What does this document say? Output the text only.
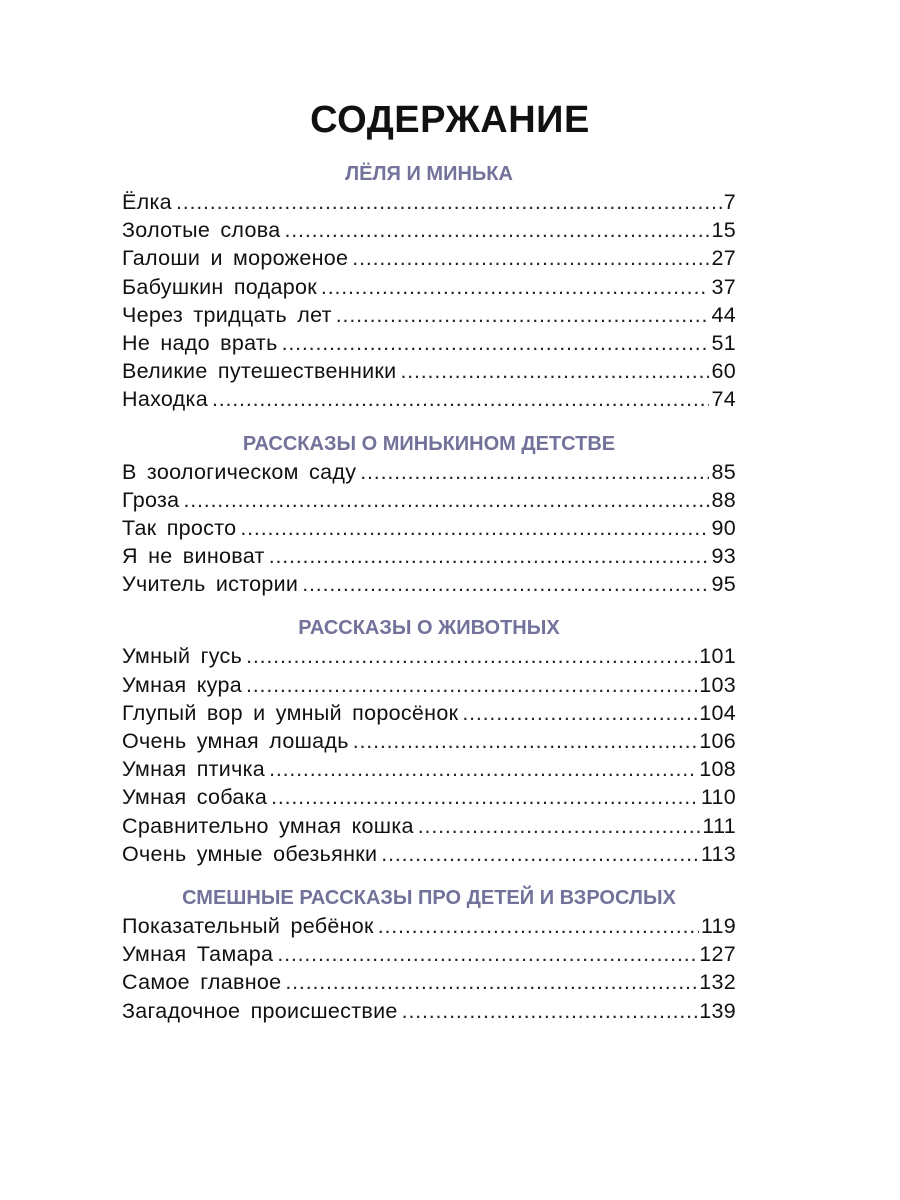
СОДЕРЖАНИЕ
ЛЁЛЯ И МИНЬКА
Ёлка .....	7
Золотые слова .....	15
Галоши и мороженое .....	27
Бабушкин подарок .....	37
Через тридцать лет .....	44
Не надо врать .....	51
Великие путешественники .....	60
Находка .....	74
РАССКАЗЫ О МИНЬКИНОМ ДЕТСТВЕ
В зоологическом саду .....	85
Гроза .....	88
Так просто .....	90
Я не виноват .....	93
Учитель истории .....	95
РАССКАЗЫ О ЖИВОТНЫХ
Умный гусь .....	101
Умная кура .....	103
Глупый вор и умный поросёнок .....	104
Очень умная лошадь .....	106
Умная птичка .....	108
Умная собака .....	110
Сравнительно умная кошка .....	111
Очень умные обезьянки .....	113
СМЕШНЫЕ РАССКАЗЫ ПРО ДЕТЕЙ И ВЗРОСЛЫХ
Показательный ребёнок .....	119
Умная Тамара .....	127
Самое главное .....	132
Загадочное происшествие .....	139
